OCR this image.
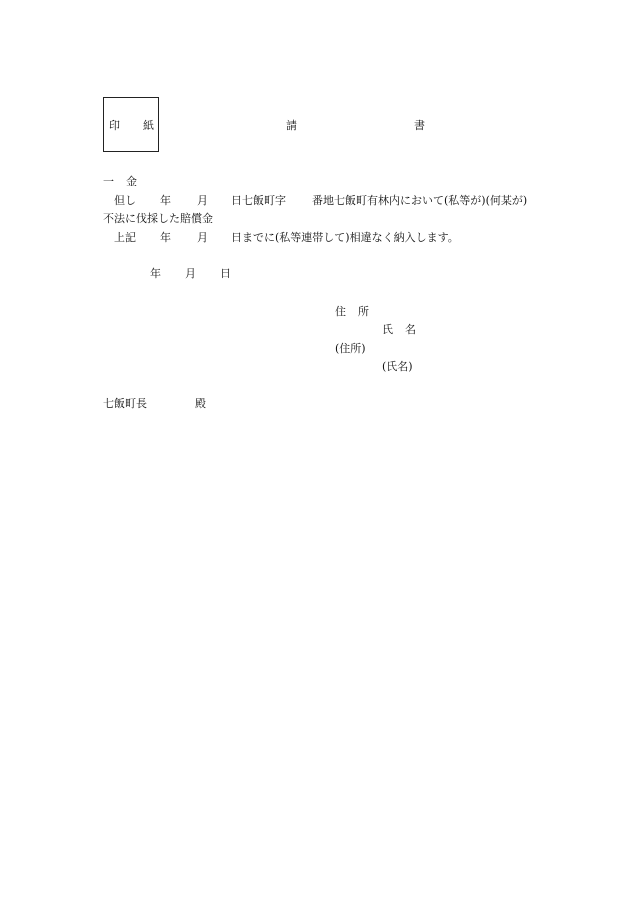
印 紙	請	書
一 金
但し 年 月 日七飯町字 番地七飯町有林内において(私等が)(何某が)
不法に伐採した賠償金
上記 年 月 日までに(私等連帯して)相違なく納入します。
年 月 日
住 所
氏 名
(住所)
(氏名)
七飯町長	殿
